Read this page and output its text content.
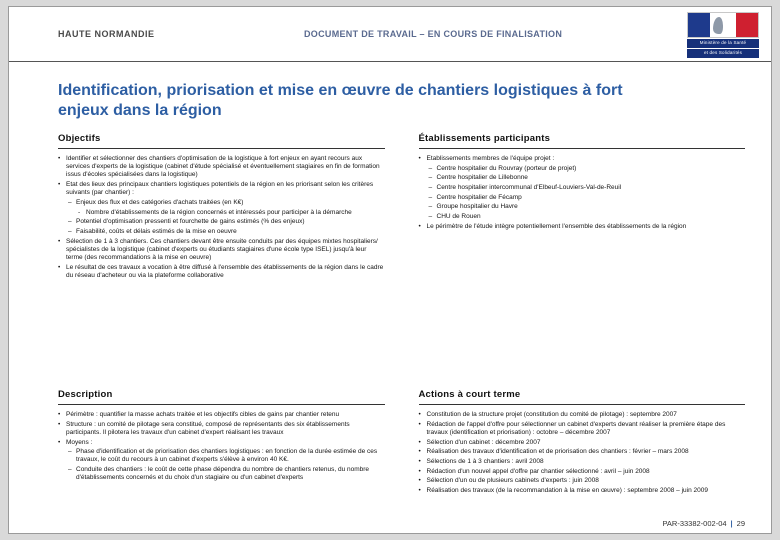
HAUTE NORMANDIE	DOCUMENT DE TRAVAIL – EN COURS DE FINALISATION
Ministère de la Santé
et des Solidarités
Identification, priorisation et mise en œuvre de chantiers logistiques à fort enjeux dans la région
Objectifs
• Identifier et sélectionner des chantiers d'optimisation de la logistique à fort enjeux en ayant recours aux services d'experts de la logistique (cabinet d'étude spécialisé et éventuellement stagiaires en fin de formation issus d'écoles spécialisées dans la logistique)
• Etat des lieux des principaux chantiers logistiques potentiels de la région en les priorisant selon les critères suivants (par chantier) :
– Enjeux des flux et des catégories d'achats traitées (en K€)
- Nombre d'établissements de la région concernés et intéressés pour participer à la démarche
– Potentiel d'optimisation pressenti et fourchette de gains estimés (% des enjeux)
– Faisabilité, coûts et délais estimés de la mise en oeuvre
• Sélection de 1 à 3 chantiers. Ces chantiers devant être ensuite conduits par des équipes mixtes hospitaliers/ spécialistes de la logistique (cabinet d'experts ou étudiants stagiaires d'une école type ISEL) jusqu'à leur terme (des recommandations à la mise en oeuvre)
• Le résultat de ces travaux a vocation à être diffusé à l'ensemble des établissements de la région dans le cadre du réseau d'acheteur ou via la plateforme collaborative
Établissements participants
• Etablissements membres de l'équipe projet :
– Centre hospitalier du Rouvray (porteur de projet)
– Centre hospitalier de Lillebonne
– Centre hospitalier intercommunal d'Elbeuf-Louviers-Val-de-Reuil
– Centre hospitalier de Fécamp
– Groupe hospitalier du Havre
– CHU de Rouen
• Le périmètre de l'étude intègre potentiellement l'ensemble des établissements de la région
Description
• Périmètre : quantifier la masse achats traitée et les objectifs cibles de gains par chantier retenu
• Structure : un comité de pilotage sera constitué, composé de représentants des six établissements participants. Il pilotera les travaux d'un cabinet d'expert réalisant les travaux
• Moyens :
– Phase d'identification et de priorisation des chantiers logistiques : en fonction de la durée estimée de ces travaux, le coût du recours à un cabinet d'experts s'élève à environ 40 K€.
– Conduite des chantiers : le coût de cette phase dépendra du nombre de chantiers retenus, du nombre d'établissements concernés et du choix d'un stagiaire ou d'un cabinet d'experts
Actions à court terme
• Constitution de la structure projet (constitution du comité de pilotage) : septembre 2007
• Rédaction de l'appel d'offre pour sélectionner un cabinet d'experts devant réaliser la première étape des travaux (identification et priorisation) : octobre – décembre 2007
• Sélection d'un cabinet : décembre 2007
• Réalisation des travaux d'identification et de priorisation des chantiers : février – mars 2008
• Sélections de 1 à 3 chantiers : avril 2008
• Rédaction d'un nouvel appel d'offre par chantier sélectionné : avril – juin 2008
• Sélection d'un ou de plusieurs cabinets d'experts : juin 2008
• Réalisation des travaux (de la recommandation à la mise en œuvre) : septembre 2008 – juin 2009
PAR-33382-002-04 | 29
